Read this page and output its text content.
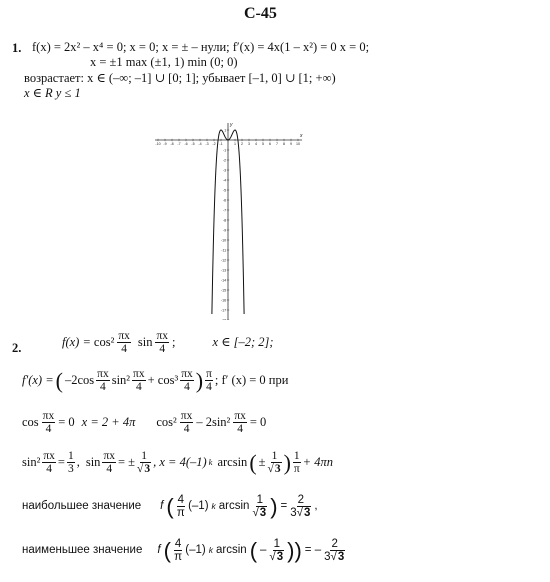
С-45
1. f(x) = 2x² – x⁴ = 0; x = 0; x = ± – нули; f′(x) = 4x(1 – x²) = 0 x = 0;
x = ±1 max (±1, 1) min (0; 0)
возрастает: x ∈ (–∞; –1] ∪ [0; 1]; убывает [–1, 0] ∪ [1; +∞)
x ∈ R y ≤ 1
x
y
-10 -9 -8 -7 -6 -5 -4 -3 -2 -1	1 2 3 4 5 6 7 8 9 10
1
-1
-2
-3
-4
-5
-6
-7
-8
-9
-10
-11
-12
-13
-14
-15
-16
-17
2.	$f(x) = \cos^2 \frac{\pi x}{4}$ $\sin \frac{\pi x}{4}$ ;	x ∈ [–2; 2];
f′(x) = ( $-2\cos \frac{\pi x}{4} \sin^2 \frac{\pi x}{4} + \cos^3 \frac{\pi x}{4}$ ) $\frac{\pi}{4}$ ; f′ (x) = 0 при
$\cos \frac{\pi x}{4} = 0$ x = 2 + 4π $\cos^2 \frac{\pi x}{4} - 2\sin^2 \frac{\pi x}{4} = 0$
$\sin^2 \frac{\pi x}{4} = \frac{1}{3}$ , $\sin \frac{\pi x}{4}$ = ± $\frac{1}{√3}$ , x = 4(–1) k arcsin ( ± $\frac{1}{√3}$ ) $\frac{1}{\pi} + 4\pi n$
наибольшее значение f ( $\frac{4}{\pi} (-1)$ k $\arcsin \frac{1}{√3}$ ) = $\frac{2}{3√3}$ ,
наименьшее значение f ( $\frac{4}{\pi} (-1)$ k arcsin ( – $\frac{1}{√3}$ )) = – $\frac{2}{3√3}$
